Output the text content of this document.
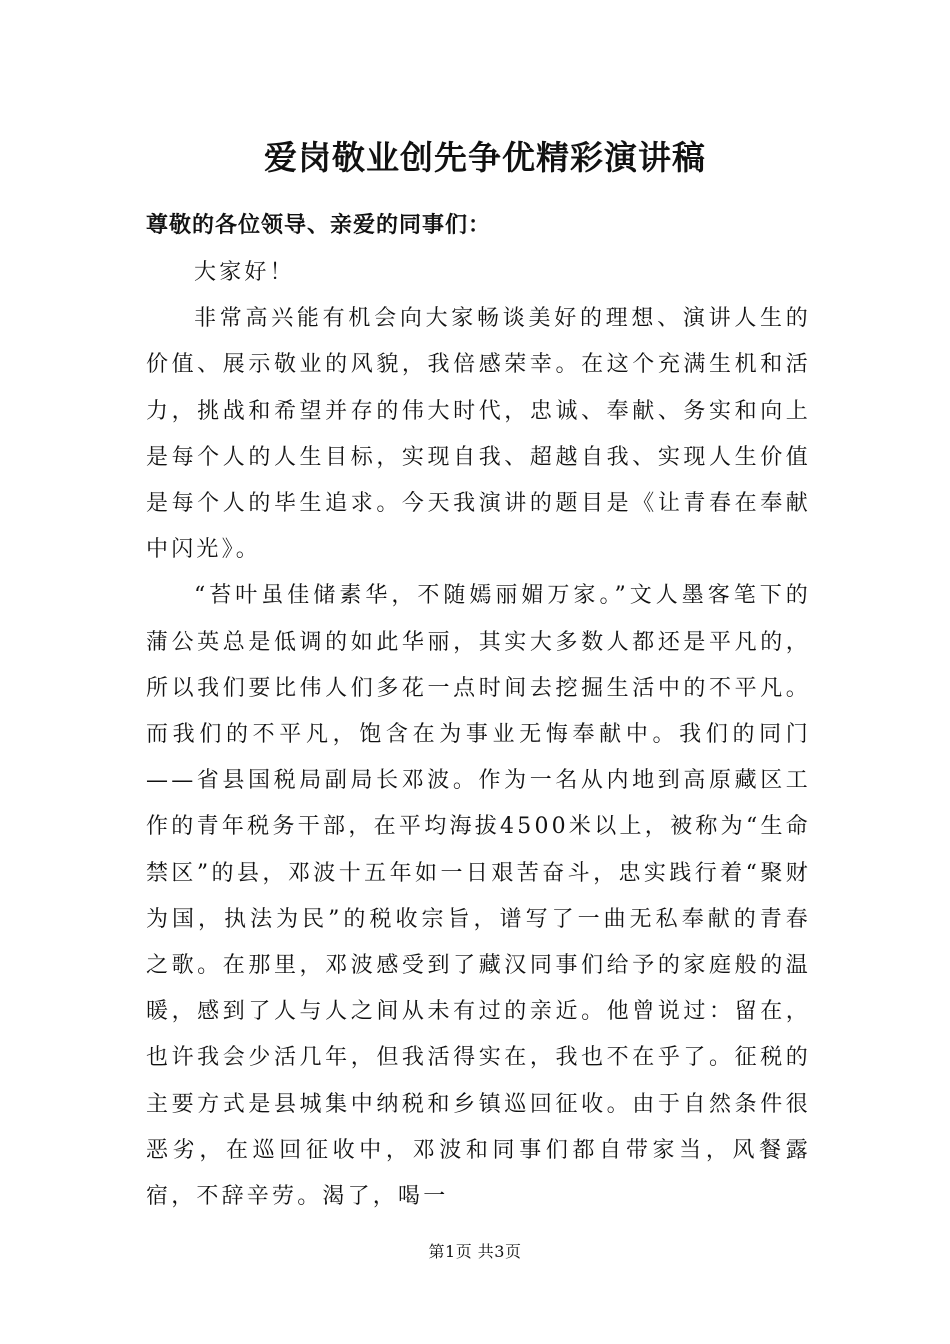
爱岗敬业创先争优精彩演讲稿
尊敬的各位领导、亲爱的同事们：

大家好！

非常高兴能有机会向大家畅谈美好的理想、演讲人生的价值、展示敬业的风貌，我倍感荣幸。在这个充满生机和活力，挑战和希望并存的伟大时代，忠诚、奉献、务实和向上是每个人的人生目标，实现自我、超越自我、实现人生价值是每个人的毕生追求。今天我演讲的题目是《让青春在奉献中闪光》。

“苔叶虽佳储素华，不随嫣丽媚万家。”文人墨客笔下的蒲公英总是低调的如此华丽，其实大多数人都还是平凡的，所以我们要比伟人们多花一点时间去挖掘生活中的不平凡。而我们的不平凡，饱含在为事业无悔奉献中。我们的同门——省县国税局副局长邓波。作为一名从内地到高原藏区工作的青年税务干部，在平均海拔4500米以上，被称为“生命禁区”的县，邓波十五年如一日艰苦奋斗，忠实践行着“聚财为国，执法为民”的税收宗旨，谱写了一曲无私奉献的青春之歌。在那里，邓波感受到了藏汉同事们给予的家庭般的温暖，感到了人与人之间从未有过的亲近。他曾说过：留在，也许我会少活几年，但我活得实在，我也不在乎了。征税的主要方式是县城集中纳税和乡镇巡回征收。由于自然条件很恶劣，在巡回征收中，邓波和同事们都自带家当，风餐露宿，不辞辛劳。渴了，喝一

第1页 共3页
